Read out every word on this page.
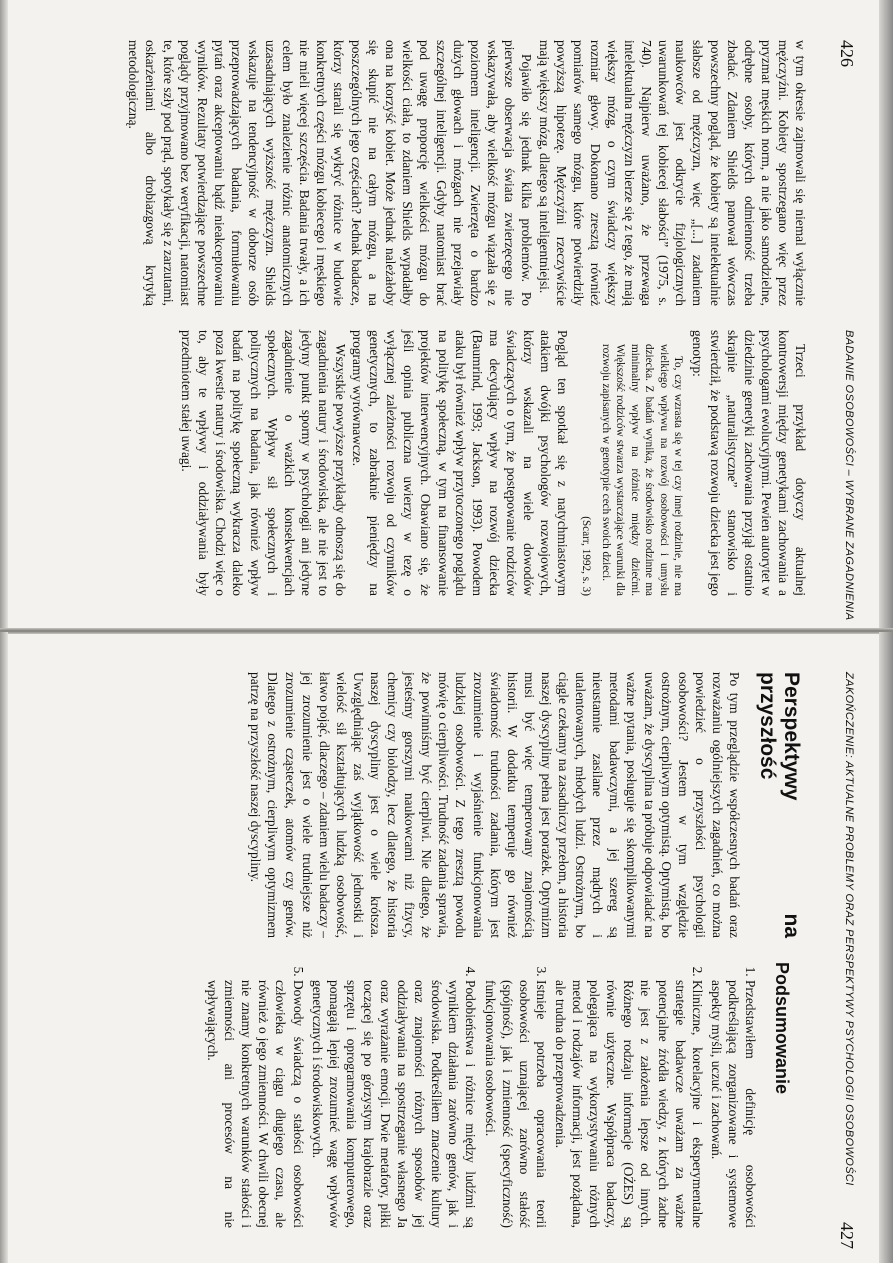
426
BADANIE OSOBOWOŚCI – WYBRANE ZAGADNIENIA

w tym okresie zajmowali się niemal wyłącznie mężczyźni. Kobiety spostrzegano więc przez pryzmat męskich norm, a nie jako samodzielne, odrębne osoby, których odmienność trzeba zbadać. Zdaniem Shields panował wówczas powszechny pogląd, że kobiety są intelektualnie słabsze od mężczyzn, więc „[...] zadaniem naukowców jest odkrycie fizjologicznych uwarunkowań tej kobiecej słabości” (1975, s. 740). Najpierw uważano, że przewaga intelektualna mężczyzn bierze się z tego, że mają większy mózg, o czym świadczy większy rozmiar głowy. Dokonano zresztą również pomiarów samego mózgu, które potwierdziły powyższą hipotezę. Mężczyźni rzeczywiście mają większy mózg, dlatego są inteligentniejsi.

Pojawiło się jednak kilka problemów. Po pierwsze obserwacja świata zwierzęcego nie wskazywała, aby wielkość mózgu wiązała się z poziomem inteligencji. Zwierzęta o bardzo dużych głowach i mózgach nie przejawiały szczególnej inteligencji. Gdyby natomiast brać pod uwagę proporcję wielkości mózgu do wielkości ciała, to zdaniem Shields wypadałby ona na korzyść kobiet. Może jednak należałoby się skupić nie na całym mózgu, a na poszczególnych jego częściach? Jednak badacze, którzy starali się wykryć różnice w budowie konkretnych części mózgu kobiecego i męskiego nie mieli więcej szczęścia. Badania trwały, a ich celem było znalezienie różnic anatomicznych uzasadniających wyższość mężczyzn. Shields wskazuje na tendencyjność w doborze osób przeprowadzających badania, formułowaniu pytań oraz akceptowaniu bądź nieakceptowaniu wyników. Rezultaty potwierdzające powszechne poglądy przyjmowano bez weryfikacji, natomiast te, które szły pod prąd, spotykały się z zarzutami, oskarżeniami albo drobiazgową krytyką metodologiczną.

Trzeci przykład dotyczy aktualnej kontrowersji między genetykami zachowania a psychologami ewolucyjnymi. Pewien autorytet w dziedzinie genetyki zachowania przyjął ostatnio skrajnie „naturalistyczne” stanowisko i stwierdził, że podstawą rozwoju dziecka jest jego genotyp:

To, czy wzrasta się w tej czy innej rodzinie, nie ma wielkiego wpływu na rozwój osobowości i umysłu dziecka. Z badań wynika, że środowisko rodzinne ma minimalny wpływ na różnice między dziećmi. Większość rodziców stwarza wystarczające warunki dla rozwoju zapisanych w genotypie cech swoich dzieci.

(Scarr, 1992, s. 3)

Pogląd ten spotkał się z natychmiastowym atakiem dwójki psychologów rozwojowych, którzy wskazali na wiele dowodów świadczących o tym, że postępowanie rodziców ma decydujący wpływ na rozwój dziecka (Baumrind, 1993; Jackson, 1993). Powodem ataku był również wpływ przytoczonego poglądu na politykę społeczną, w tym na finansowanie projektów interwencyjnych. Obawiano się, że jeśli opinia publiczna uwierzy w tezę o wyłącznej zależności rozwoju od czynników genetycznych, to zabraknie pieniędzy na programy wyrównawcze.

Wszystkie powyższe przykłady odnoszą się do zagadnienia natury i środowiska, ale nie jest to jedyny punkt sporny w psychologii ani jedyne zagadnienie o ważkich konsekwencjach społecznych. Wpływ sił społecznych i politycznych na badania, jak również wpływ badań na politykę społeczną wykracza daleko poza kwestie natury i środowiska. Chodzi więc o to, aby te wpływy i oddziaływania były przedmiotem stałej uwagi.

ZAKOŃCZENIE: AKTUALNE PROBLEMY ORAZ PERSPEKTYWY PSYCHOLOGII OSOBOWOŚCI
427
Perspektywy na przyszłość

Po tym przeglądzie współczesnych badań oraz rozważaniu ogólniejszych zagadnień, co można powiedzieć o przyszłości psychologii osobowości? Jestem w tym względzie ostrożnym, cierpliwym optymistą. Optymistą, bo uważam, że dyscyplina ta próbuje odpowiadać na ważne pytania, posługuje się skomplikowanymi metodami badawczymi, a jej szereg są nieustannie zasilane przez mądrych i utalentowanych, młodych ludzi. Ostrożnym, bo ciągle czekamy na zasadniczy przełom, a historia naszej dyscypliny pełna jest porażek. Optymizm musi być więc temperowany znajomością historii. W dodatku temperuje go również świadomość trudności zadania, którym jest zrozumienie i wyjaśnienie funkcjonowania ludzkiej osobowości. Z tego zresztą powodu mówię o cierpliwości. Trudność zadania sprawia, że powinniśmy być cierpliwi. Nie dlatego, że jesteśmy gorszymi naukowcami niż fizycy, chemicy czy biolodzy, lecz dlatego, że historia naszej dyscypliny jest o wiele krótsza. Uwzględniając zaś wyjątkowość jednostki i wielość sił kształtujących ludzką osobowość, łatwo pojąć, dlaczego – zdaniem wielu badaczy – jej zrozumienie jest o wiele trudniejsze niż zrozumienie cząsteczek, atomów czy genów. Dlatego z ostrożnym, cierpliwym optymizmem patrzę na przyszłość naszej dyscypliny.

Podsumowanie
1. Przedstawiłem definicję osobowości podkreślającą zorganizowane i systemowe aspekty myśli, uczuć i zachowań.
2. Kliniczne, korelacyjne i eksperymentalne strategie badawcze uważam za ważne potencjalne źródła wiedzy, z których żadne nie jest z założenia lepsze od innych. Różnego rodzaju informacje (OŻES) są równie użyteczne. Współpraca badaczy, polegająca na wykorzystywaniu różnych metod i rodzajów informacji, jest pożądana, ale trudna do przeprowadzenia.
3. Istnieje potrzeba opracowania teorii osobowości uznającej zarówno stałość (spójność), jak i zmienność (specyficzność) funkcjonowania osobowości.
4. Podobieństwa i różnice między ludźmi są wynikiem działania zarówno genów, jak i środowiska. Podkreśliłem znaczenie kultury oraz znajomości różnych sposobów jej oddziaływania na spostrzeganie własnego Ja oraz wyrażanie emocji. Dwie metafory, piłki toczącej się po górzystym krajobrazie oraz sprzętu i oprogramowania komputerowego, pomagają lepiej zrozumieć wagę wpływów genetycznych i środowiskowych.
5. Dowody świadczą o stałości osobowości człowieka w ciągu długiego czasu, ale również o jego zmienności. W chwili obecnej nie znamy konkretnych warunków stałości i zmienności ani procesów na nie wpływających.
